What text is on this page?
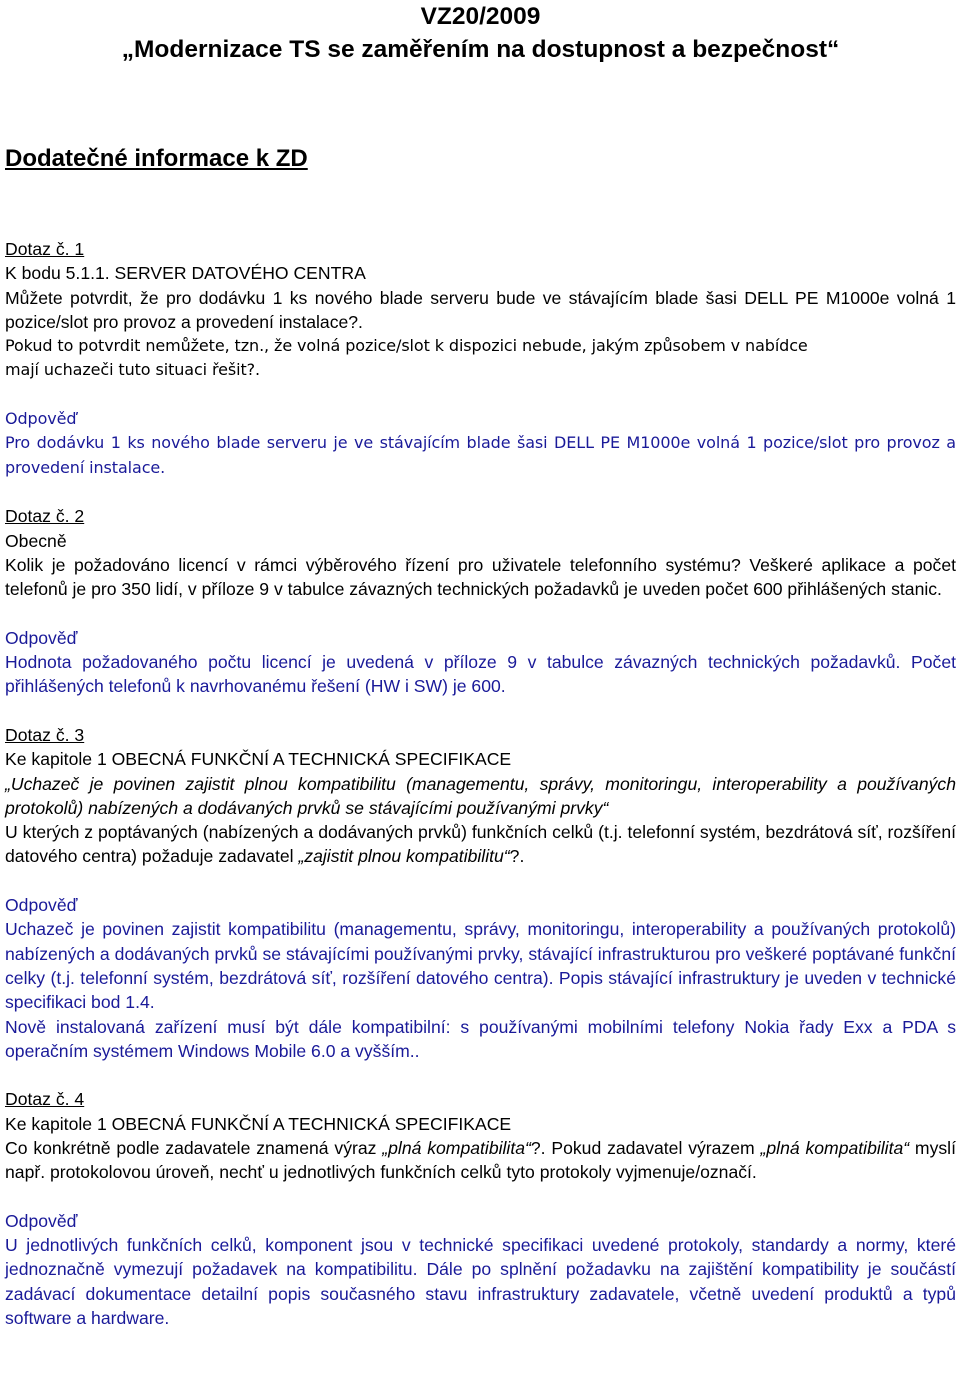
VZ20/2009
„Modernizace TS se zaměřením na dostupnost a bezpečnost“
Dodatečné informace k ZD
Dotaz č. 1
K bodu 5.1.1. SERVER DATOVÉHO CENTRA
Můžete potvrdit, že pro dodávku 1 ks nového blade serveru bude ve stávajícím blade šasi DELL PE M1000e volná 1 pozice/slot pro provoz a provedení instalace?.
Pokud to potvrdit nemůžete, tzn., že volná pozice/slot k dispozici nebude, jakým způsobem v nabídce
mají uchazeči tuto situaci řešit?.
Odpověď
Pro dodávku 1 ks nového blade serveru je ve stávajícím blade šasi DELL PE M1000e volná 1 pozice/slot pro provoz a provedení instalace.
Dotaz č. 2
Obecně
Kolik je požadováno licencí v rámci výběrového řízení pro uživatele telefonního systému? Veškeré aplikace a počet telefonů je pro 350 lidí, v příloze 9 v tabulce závazných technických požadavků je uveden počet 600 přihlášených stanic.
Odpověď
Hodnota požadovaného počtu licencí je uvedená v příloze 9 v tabulce závazných technických požadavků. Počet přihlášených telefonů k navrhovanému řešení (HW i SW) je 600.
Dotaz č. 3
Ke kapitole 1 OBECNÁ FUNKČNÍ A TECHNICKÁ SPECIFIKACE
„Uchazeč je povinen zajistit plnou kompatibilitu (managementu, správy, monitoringu, interoperability a používaných protokolů) nabízených a dodávaných prvků se stávajícími používanými prvky“
U kterých z poptávaných (nabízených a dodávaných prvků) funkčních celků (t.j. telefonní systém, bezdrátová síť, rozšíření datového centra) požaduje zadavatel „zajistit plnou kompatibilitu“?.
Odpověď
Uchazeč je povinen zajistit kompatibilitu (managementu, správy, monitoringu, interoperability a používaných protokolů) nabízených a dodávaných prvků se stávajícími používanými prvky, stávající infrastrukturou pro veškeré poptávané funkční celky (t.j. telefonní systém, bezdrátová síť, rozšíření datového centra). Popis stávající infrastruktury je uveden v technické specifikaci bod 1.4.
Nově instalovaná zařízení musí být dále kompatibilní: s používanými mobilními telefony Nokia řady Exx a PDA s operačním systémem Windows Mobile 6.0 a vyšším..
Dotaz č. 4
Ke kapitole 1 OBECNÁ FUNKČNÍ A TECHNICKÁ SPECIFIKACE
Co konkrétně podle zadavatele znamená výraz „plná kompatibilita“?. Pokud zadavatel výrazem „plná kompatibilita“ myslí např. protokolovou úroveň, nechť u jednotlivých funkčních celků tyto protokoly vyjmenuje/označí.
Odpověď
U jednotlivých funkčních celků, komponent jsou v technické specifikaci uvedené protokoly, standardy a normy, které jednoznačně vymezují požadavek na kompatibilitu. Dále po splnění požadavku na zajištění kompatibility je součástí zadávací dokumentace detailní popis současného stavu infrastruktury zadavatele, včetně uvedení produktů a typů software a hardware.
